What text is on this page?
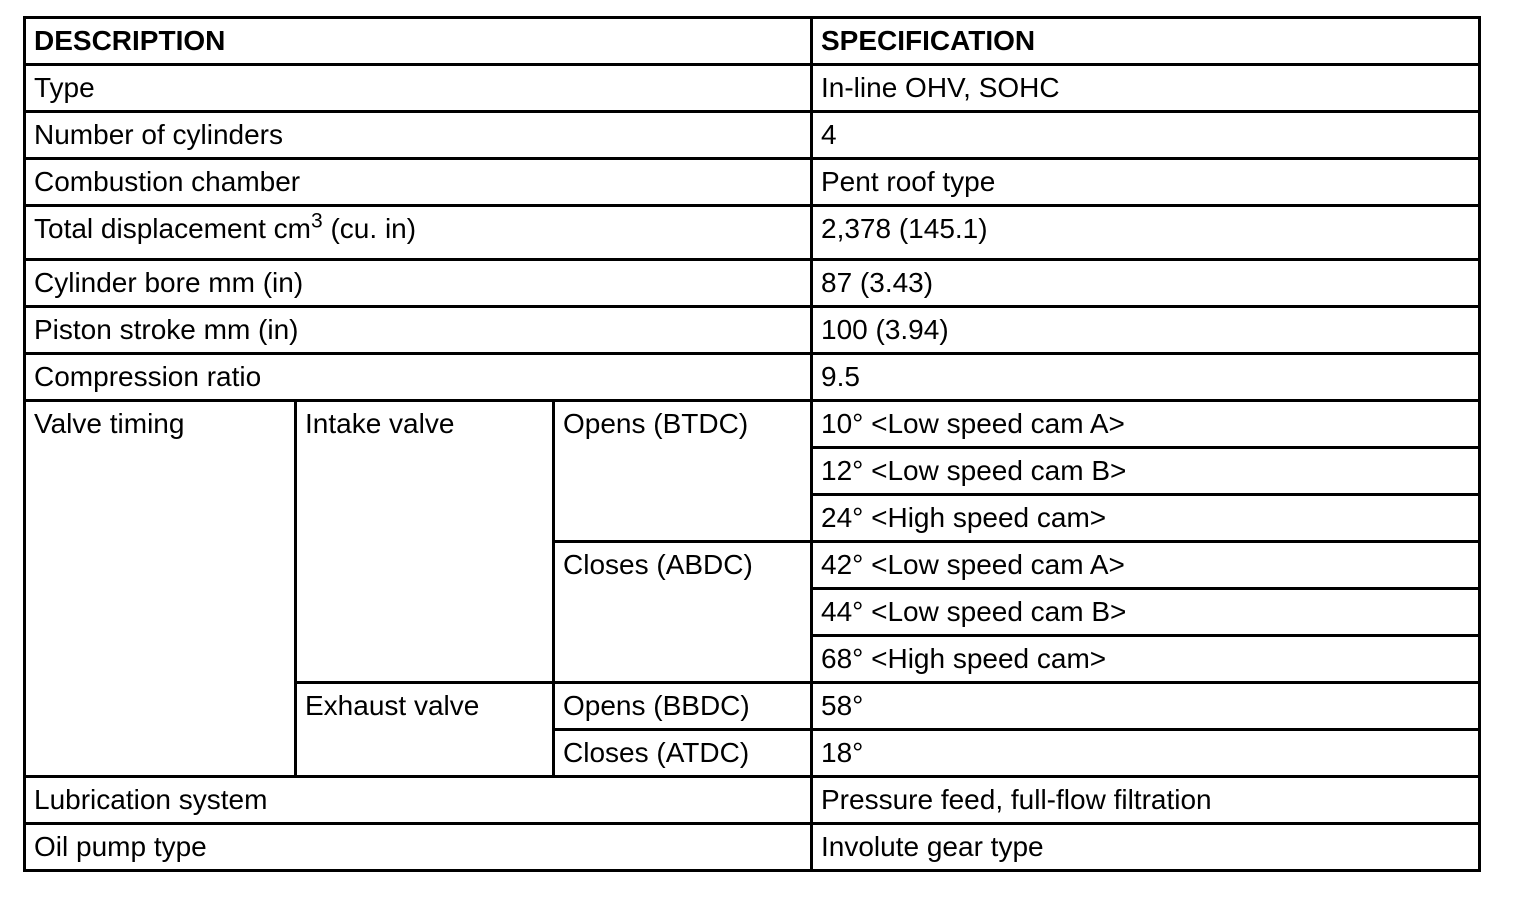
DESCRIPTION			SPECIFICATION
Type			In-line OHV, SOHC
Number of cylinders			4
Combustion chamber			Pent roof type
Total displacement $cm^3$ (cu. in)			2,378 (145.1)
Cylinder bore mm (in)			87 (3.43)
Piston stroke mm (in)			100 (3.94)
Compression ratio			9.5
Valve timing	Intake valve	Opens (BTDC)	10° <Low speed cam A>
			12° <Low speed cam B>
			24° <High speed cam>
		Closes (ABDC)	42° <Low speed cam A>
			44° <Low speed cam B>
			68° <High speed cam>
	Exhaust valve	Opens (BBDC)	58°
		Closes (ATDC)	18°
Lubrication system			Pressure feed, full-flow filtration
Oil pump type			Involute gear type
